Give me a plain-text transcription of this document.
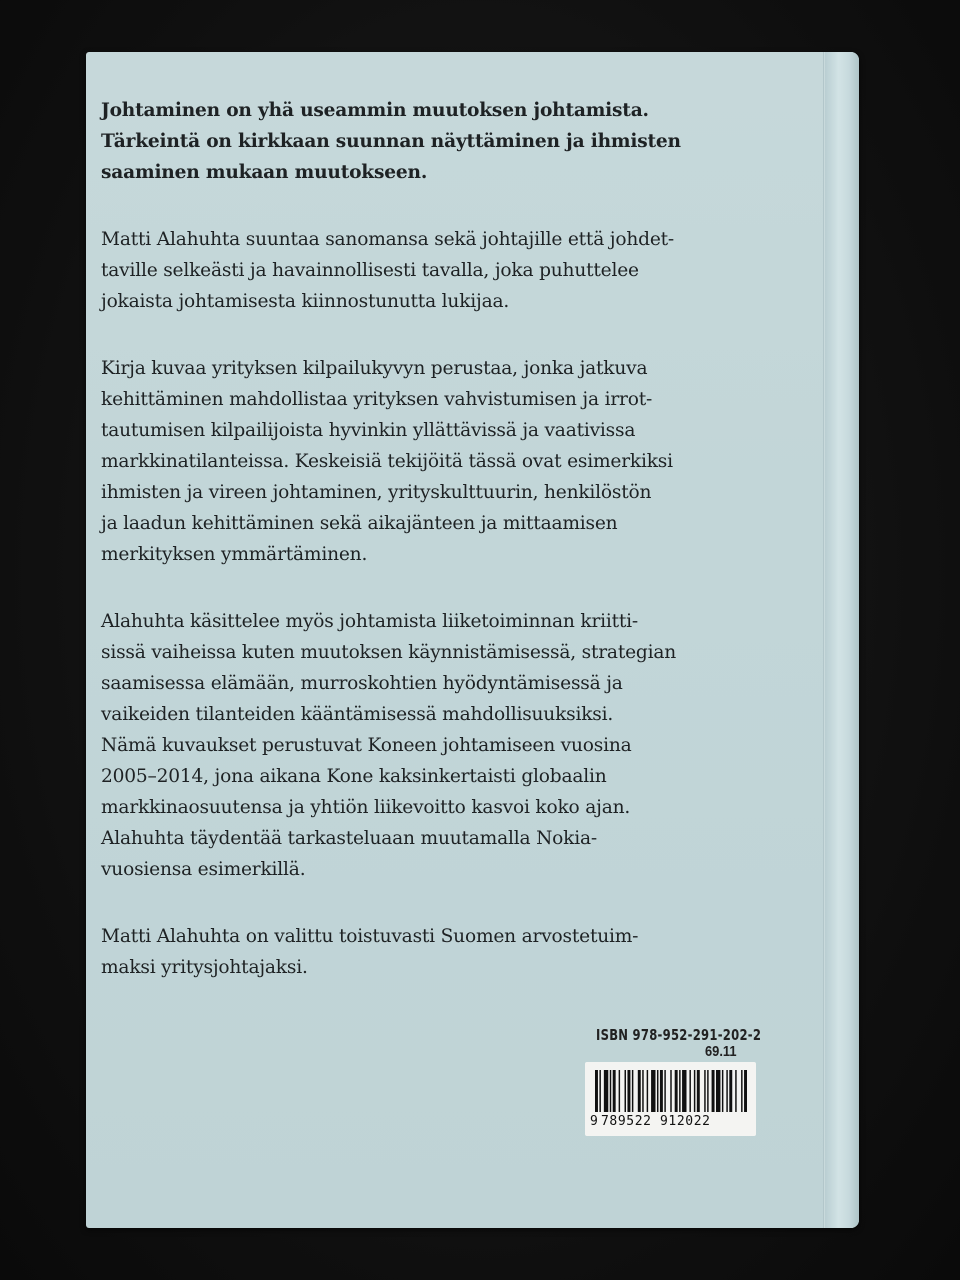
Johtaminen on yhä useammin muutoksen johtamista.
Tärkeintä on kirkkaan suunnan näyttäminen ja ihmisten
saaminen mukaan muutokseen.
Matti Alahuhta suuntaa sanomansa sekä johtajille että johdet-
taville selkeästi ja havainnollisesti tavalla, joka puhuttelee
jokaista johtamisesta kiinnostunutta lukijaa.
Kirja kuvaa yrityksen kilpailukyvyn perustaa, jonka jatkuva
kehittäminen mahdollistaa yrityksen vahvistumisen ja irrot-
tautumisen kilpailijoista hyvinkin yllättävissä ja vaativissa
markkinatilanteissa. Keskeisiä tekijöitä tässä ovat esimerkiksi
ihmisten ja vireen johtaminen, yrityskulttuurin, henkilöstön
ja laadun kehittäminen sekä aikajänteen ja mittaamisen
merkityksen ymmärtäminen.
Alahuhta käsittelee myös johtamista liiketoiminnan kriitti-
sissä vaiheissa kuten muutoksen käynnistämisessä, strategian
saamisessa elämään, murroskohtien hyödyntämisessä ja
vaikeiden tilanteiden kääntämisessä mahdollisuuksiksi.
Nämä kuvaukset perustuvat Koneen johtamiseen vuosina
2005–2014, jona aikana Kone kaksinkertaisti globaalin
markkinaosuutensa ja yhtiön liikevoitto kasvoi koko ajan.
Alahuhta täydentää tarkasteluaan muutamalla Nokia-
vuosiensa esimerkillä.
Matti Alahuhta on valittu toistuvasti Suomen arvostetuim-
maksi yritysjohtajaksi.
ISBN 978-952-291-202-2
69.11
9 789522 912022
